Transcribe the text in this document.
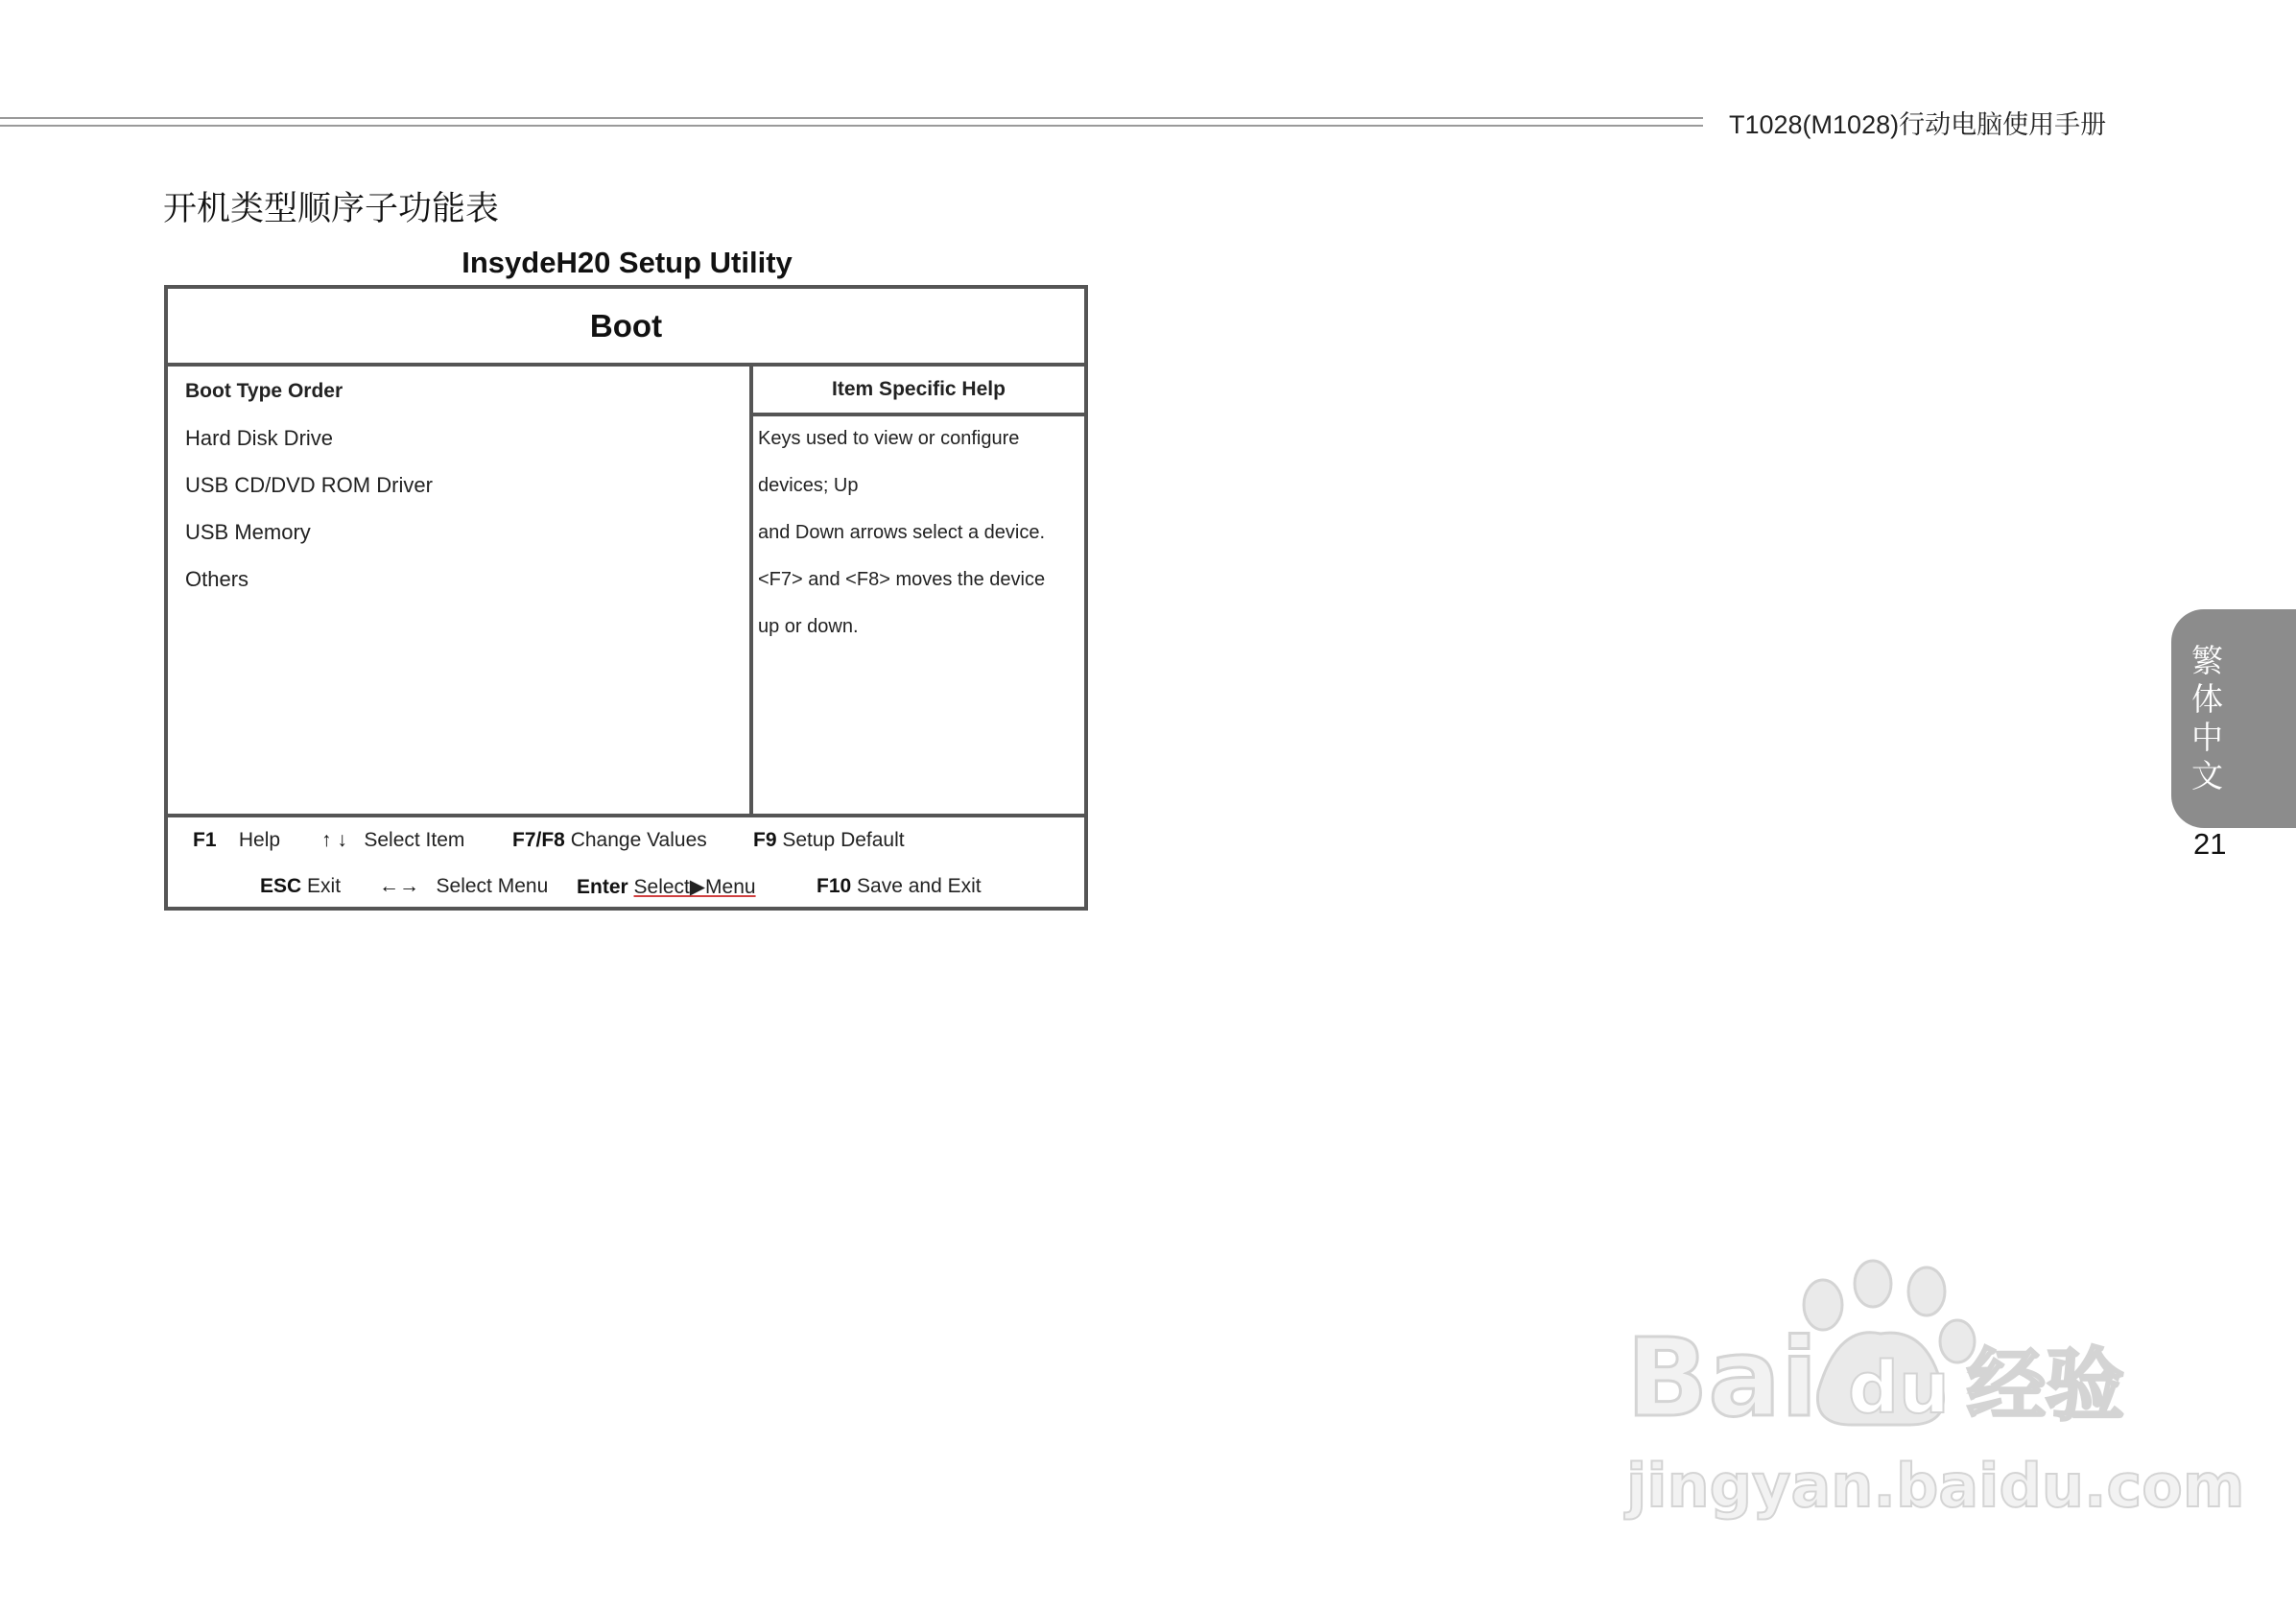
T1028(M1028)行动电脑使用手册
开机类型顺序子功能表
InsydeH20 Setup Utility
Boot
Boot Type Order
Hard Disk Drive
USB CD/DVD ROM Driver
USB Memory
Others
Item Specific Help
Keys used to view or configure
devices; Up
and Down arrows select a device.
<F7> and <F8> moves the device
up or down.
F1 Help ↑ ↓ Select Item F7/F8 Change Values F9 Setup Default
ESC Exit ←→ Select Menu Enter Select▶Menu	F10 Save and Exit
繁体中文
21
Bai du 经验
jingyan.baidu.com
